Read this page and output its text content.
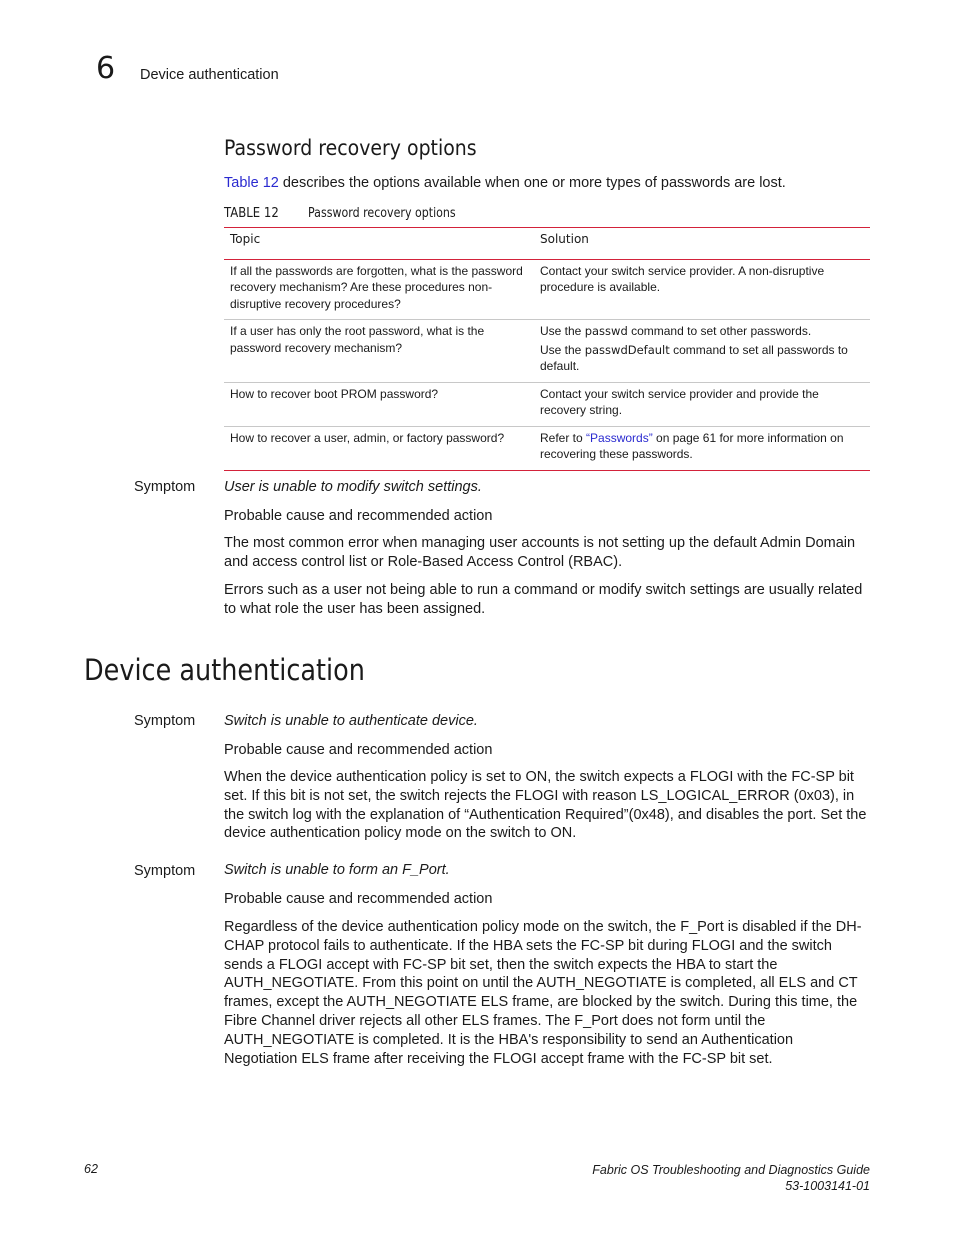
6 Device authentication
Password recovery options

Table 12 describes the options available when one or more types of passwords are lost.

TABLE 12 Password recovery options
Topic	Solution
If all the passwords are forgotten, what is the password recovery mechanism? Are these procedures non-disruptive recovery procedures?	Contact your switch service provider. A non-disruptive procedure is available.
If a user has only the root password, what is the password recovery mechanism?	Use the passwd command to set other passwords.
Use the passwdDefault command to set all passwords to default.

How to recover boot PROM password?	Contact your switch service provider and provide the recovery string.
How to recover a user, admin, or factory password?	Refer to “Passwords” on page 61 for more information on recovering these passwords.
Symptom User is unable to modify switch settings.
Probable cause and recommended action

The most common error when managing user accounts is not setting up the default Admin Domain and access control list or Role-Based Access Control (RBAC).

Errors such as a user not being able to run a command or modify switch settings are usually related to what role the user has been assigned.

Device authentication
Symptom Switch is unable to authenticate device.
Probable cause and recommended action

When the device authentication policy is set to ON, the switch expects a FLOGI with the FC-SP bit set. If this bit is not set, the switch rejects the FLOGI with reason LS_LOGICAL_ERROR (0x03), in the switch log with the explanation of “Authentication Required”(0x48), and disables the port. Set the device authentication policy mode on the switch to ON.

Symptom Switch is unable to form an F_Port.
Probable cause and recommended action

Regardless of the device authentication policy mode on the switch, the F_Port is disabled if the DH-CHAP protocol fails to authenticate. If the HBA sets the FC-SP bit during FLOGI and the switch sends a FLOGI accept with FC-SP bit set, then the switch expects the HBA to start the AUTH_NEGOTIATE. From this point on until the AUTH_NEGOTIATE is completed, all ELS and CT frames, except the AUTH_NEGOTIATE ELS frame, are blocked by the switch. During this time, the Fibre Channel driver rejects all other ELS frames. The F_Port does not form until the AUTH_NEGOTIATE is completed. It is the HBA's responsibility to send an Authentication Negotiation ELS frame after receiving the FLOGI accept frame with the FC-SP bit set.

62	Fabric OS Troubleshooting and Diagnostics Guide
53-1003141-01
